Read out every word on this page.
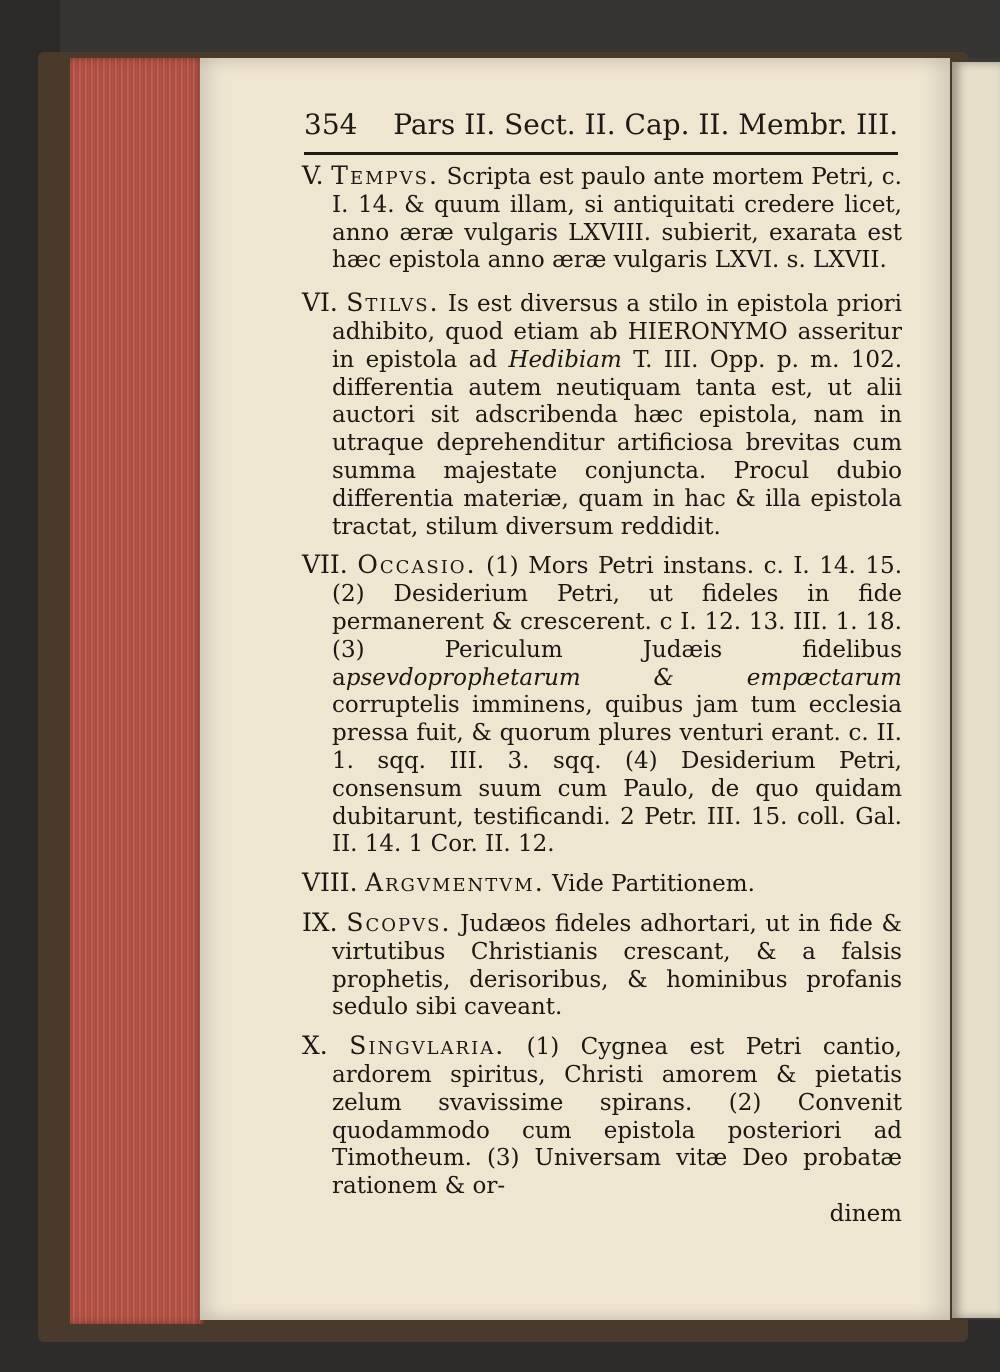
354 Pars II. Sect. II. Cap. II. Membr. III.

V. Tempvs. Scripta est paulo ante mortem Petri, c. I. 14. & quum illam, si antiquitati credere licet, anno æræ vulgaris LXVIII. subierit, exarata est hæc epistola anno æræ vulgaris LXVI. s. LXVII.

VI. Stilvs. Is est diversus a stilo in epistola priori adhibito, quod etiam ab HIERONYMO asseritur in epistola ad Hedibiam T. III. Opp. p. m. 102. differentia autem neutiquam tanta est, ut alii auctori sit adscribenda hæc epistola, nam in utraque deprehenditur artificiosa brevitas cum summa majestate conjuncta. Procul dubio differentia materiæ, quam in hac & illa epistola tractat, stilum diversum reddidit.

VII. Occasio. (1) Mors Petri instans. c. I. 14. 15. (2) Desiderium Petri, ut fideles in fide permanerent & crescerent. c I. 12. 13. III. 1. 18. (3) Periculum Judæis fidelibus apsevdoprophetarum & empæctarum corruptelis imminens, quibus jam tum ecclesia pressa fuit, & quorum plures venturi erant. c. II. 1. sqq. III. 3. sqq. (4) Desiderium Petri, consensum suum cum Paulo, de quo quidam dubitarunt, testificandi. 2 Petr. III. 15. coll. Gal. II. 14. 1 Cor. II. 12.

VIII. Argvmentvm. Vide Partitionem.

IX. Scopvs. Judæos fideles adhortari, ut in fide & virtutibus Christianis crescant, & a falsis prophetis, derisoribus, & hominibus profanis sedulo sibi caveant.

X. Singvlaria. (1) Cygnea est Petri cantio, ardorem spiritus, Christi amorem & pietatis zelum svavissime spirans. (2) Convenit quodammodo cum epistola posteriori ad Timotheum. (3) Universam vitæ Deo probatæ rationem & or-

dinem
